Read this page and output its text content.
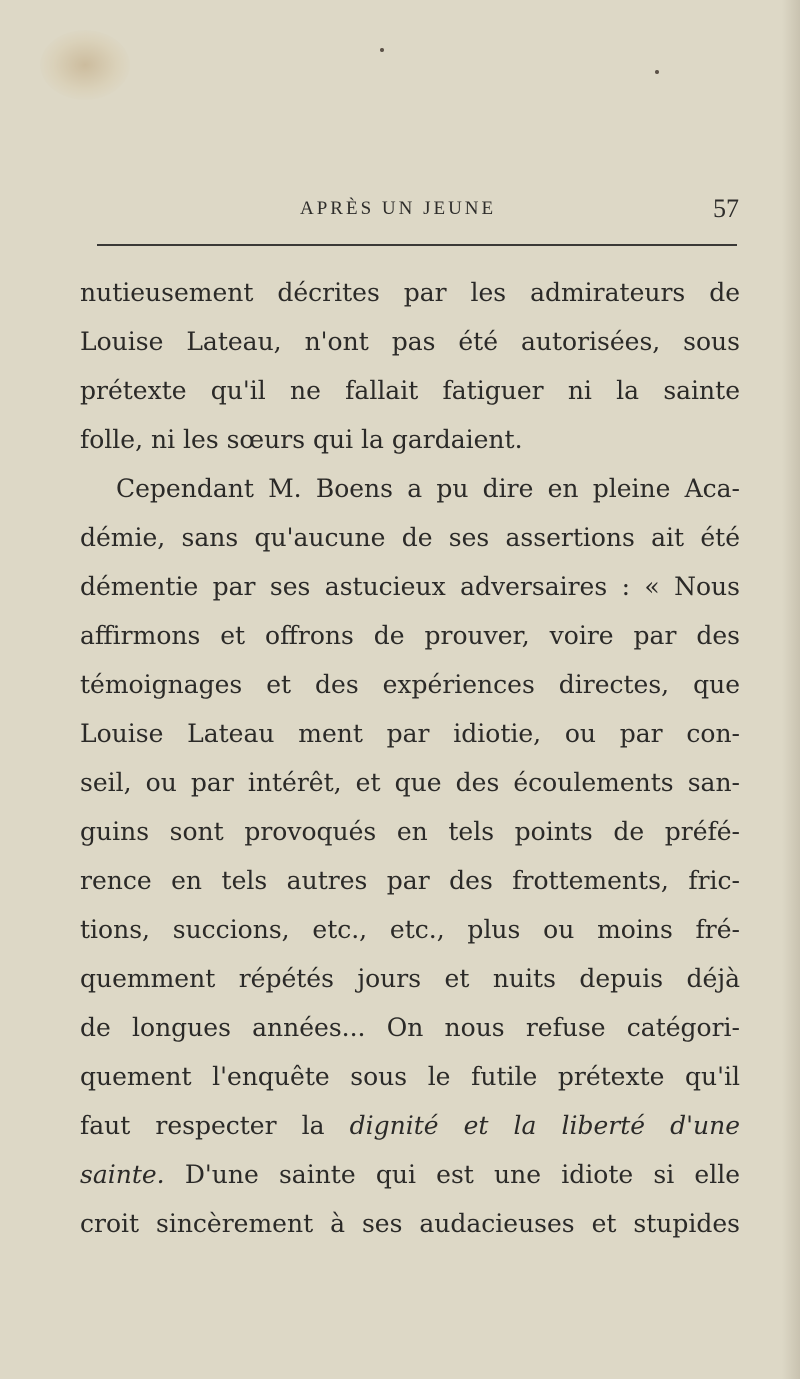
APRÈS UN JEUNE	57
nutieusement décrites par les admirateurs de
Louise Lateau, n'ont pas été autorisées, sous
prétexte qu'il ne fallait fatiguer ni la sainte
folle, ni les sœurs qui la gardaient.
Cependant M. Boens a pu dire en pleine Aca-
démie, sans qu'aucune de ses assertions ait été
démentie par ses astucieux adversaires : « Nous
affirmons et offrons de prouver, voire par des
témoignages et des expériences directes, que
Louise Lateau ment par idiotie, ou par con-
seil, ou par intérêt, et que des écoulements san-
guins sont provoqués en tels points de préfé-
rence en tels autres par des frottements, fric-
tions, succions, etc., etc., plus ou moins fré-
quemment répétés jours et nuits depuis déjà
de longues années... On nous refuse catégori-
quement l'enquête sous le futile prétexte qu'il
faut respecter la dignité et la liberté d'une
sainte. D'une sainte qui est une idiote si elle
croit sincèrement à ses audacieuses et stupides
